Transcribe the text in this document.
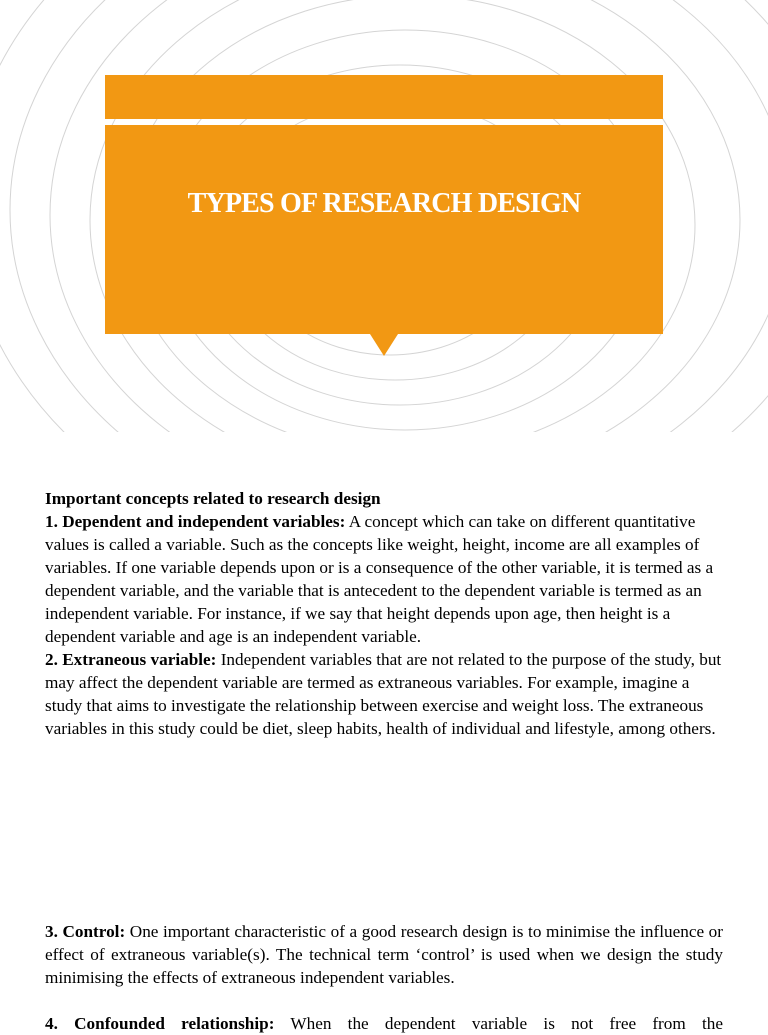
TYPES OF RESEARCH DESIGN

Important concepts related to research design

1. Dependent and independent variables: A concept which can take on different quantitative values is called a variable. Such as the concepts like weight, height, income are all examples of variables. If one variable depends upon or is a consequence of the other variable, it is termed as a dependent variable, and the variable that is antecedent to the dependent variable is termed as an independent variable. For instance, if we say that height depends upon age, then height is a dependent variable and age is an independent variable.

2. Extraneous variable: Independent variables that are not related to the purpose of the study, but may affect the dependent variable are termed as extraneous variables. For example, imagine a study that aims to investigate the relationship between exercise and weight loss. The extraneous variables in this study could be diet, sleep habits, health of individual and lifestyle, among others.

3. Control: One important characteristic of a good research design is to minimise the influence or effect of extraneous variable(s). The technical term ‘control’ is used when we design the study minimising the effects of extraneous independent variables.

4. Confounded relationship: When the dependent variable is not free from the
